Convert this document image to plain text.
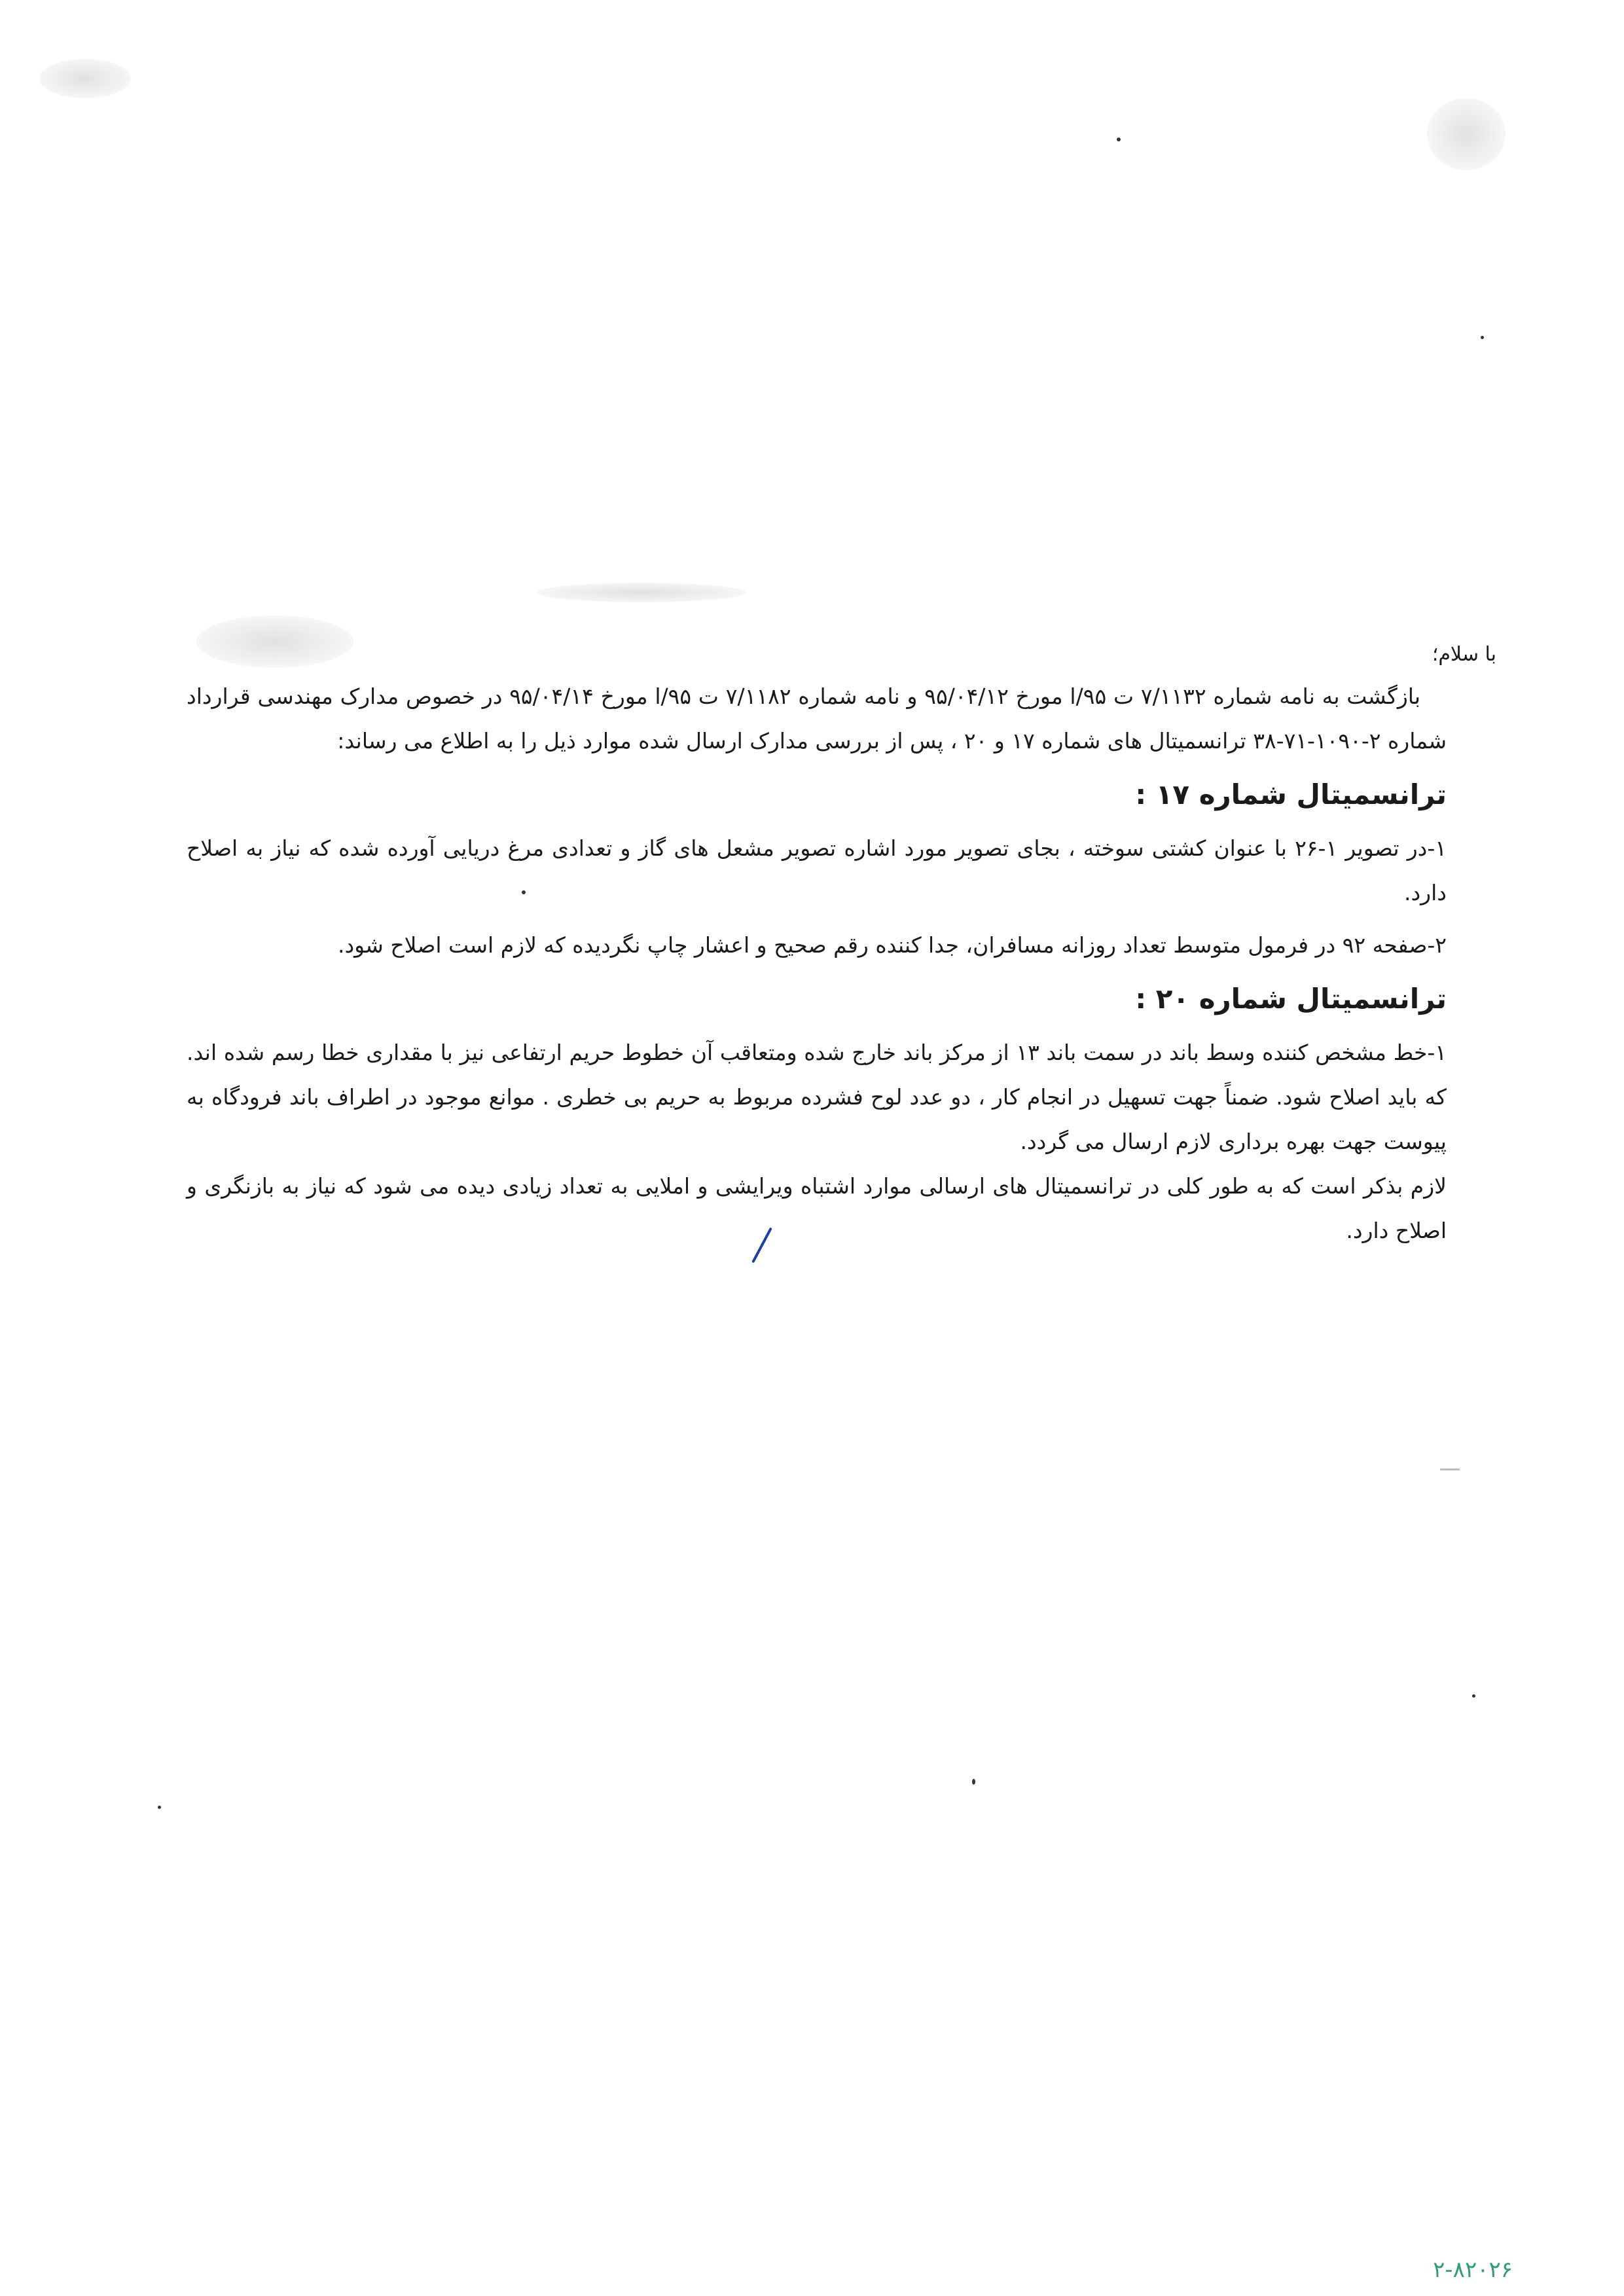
با سلام؛

بازگشت به نامه شماره ۷/۱۱۳۲ ت ۹۵/ا مورخ ۹۵/۰۴/۱۲ و نامه شماره ۷/۱۱۸۲ ت ۹۵/ا مورخ ۹۵/۰۴/۱۴ در خصوص مدارک مهندسی قرارداد شماره ۲-۱۰۹۰-۷۱-۳۸ ترانسمیتال های شماره ۱۷ و ۲۰ ، پس از بررسی مدارک ارسال شده موارد ذیل را به اطلاع می رساند:

ترانسمیتال شماره ۱۷ :

۱-در تصویر ۱-۲۶ با عنوان کشتی سوخته ، بجای تصویر مورد اشاره تصویر مشعل های گاز و تعدادی مرغ دریایی آورده شده که نیاز به اصلاح دارد.

۲-صفحه ۹۲ در فرمول متوسط تعداد روزانه مسافران، جدا کننده رقم صحیح و اعشار چاپ نگردیده که لازم است اصلاح شود.

ترانسمیتال شماره ۲۰ :

۱-خط مشخص کننده وسط باند در سمت باند ۱۳ از مرکز باند خارج شده ومتعاقب آن خطوط حریم ارتفاعی نیز با مقداری خطا رسم شده اند. که باید اصلاح شود. ضمناً جهت تسهیل در انجام کار ، دو عدد لوح فشرده مربوط به حریم بی خطری . موانع موجود در اطراف باند فرودگاه به پیوست جهت بهره برداری لازم ارسال می گردد.

لازم بذکر است که به طور کلی در ترانسمیتال های ارسالی موارد اشتباه ویرایشی و املایی به تعداد زیادی دیده می شود که نیاز به بازنگری و اصلاح دارد.

۲-۸۲۰۲۶
